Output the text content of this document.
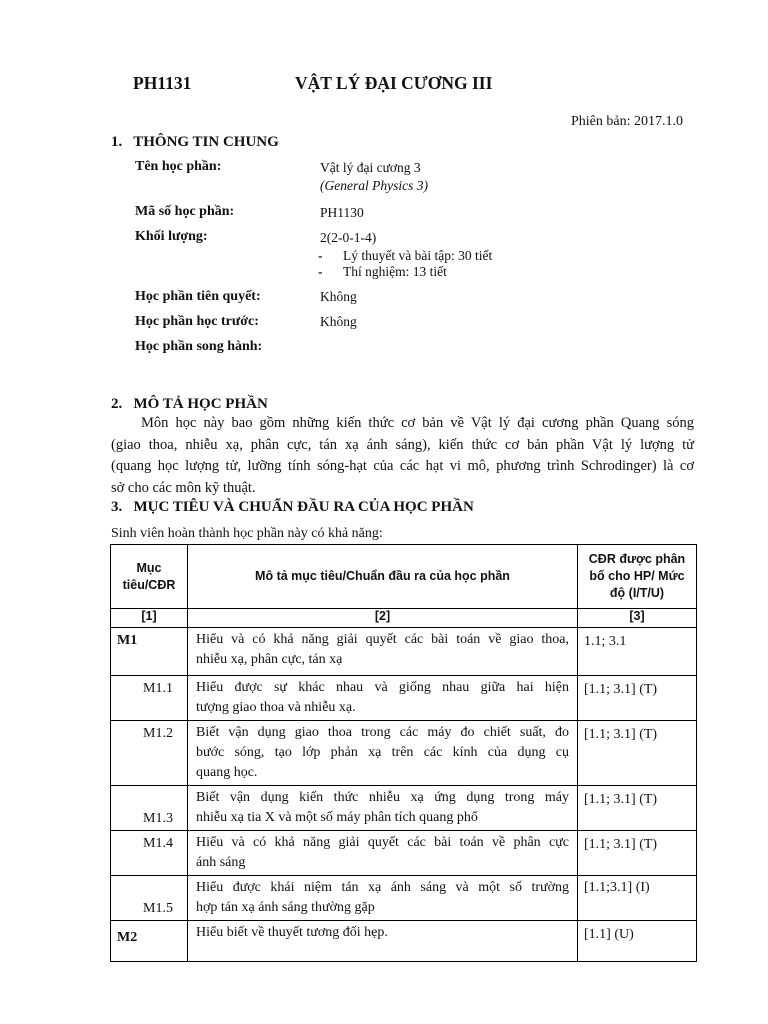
PH1131	VẬT LÝ ĐẠI CƯƠNG III
Phiên bản: 2017.1.0
1.   THÔNG TIN CHUNG
Tên học phần:	Vật lý đại cương 3
(General Physics 3)
Mã số học phần:	PH1130
Khối lượng:	2(2-0-1-4)
- Lý thuyết và bài tập: 30 tiết
- Thí nghiệm: 13 tiết
Học phần tiên quyết:	Không
Học phần học trước:	Không
Học phần song hành:
2.   MÔ TẢ HỌC PHẦN
Môn học này bao gồm những kiến thức cơ bản về Vật lý đại cương phần Quang sóng
(giao thoa, nhiễu xạ, phân cực, tán xạ ánh sáng), kiến thức cơ bản phần Vật lý lượng tử
(quang học lượng tử, lưỡng tính sóng-hạt của các hạt vi mô, phương trình Schrodinger) là cơ
sở cho các môn kỹ thuật.
3.   MỤC TIÊU VÀ CHUẨN ĐẦU RA CỦA HỌC PHẦN
Sinh viên hoàn thành học phần này có khả năng:
Mục tiêu/CĐR	Mô tả mục tiêu/Chuẩn đầu ra của học phần	CĐR được phân bố cho HP/ Mức độ (I/T/U)
[1]	[2]	[3]
M1	Hiểu và có khả năng giải quyết các bài toán về giao thoa,
nhiễu xạ, phân cực, tán xạ	1.1; 3.1
M1.1	Hiểu được sự khác nhau và giống nhau giữa hai hiện
tượng giao thoa và nhiễu xạ.	[1.1; 3.1] (T)
M1.2	Biết vận dụng giao thoa trong các máy đo chiết suất, đo
bước sóng, tạo lớp phản xạ trên các kính của dụng cụ
quang học.	[1.1; 3.1] (T)
M1.3	Biết vận dụng kiến thức nhiễu xạ ứng dụng trong máy
nhiễu xạ tia X và một số máy phân tích quang phổ	[1.1; 3.1] (T)
M1.4	Hiểu và có khả năng giải quyết các bài toán về phân cực
ánh sáng	[1.1; 3.1] (T)
M1.5	Hiểu được khái niệm tán xạ ánh sáng và một số trường
hợp tán xạ ánh sáng thường gặp	[1.1;3.1] (I)
M2	Hiểu biết về thuyết tương đối hẹp.	[1.1] (U)
